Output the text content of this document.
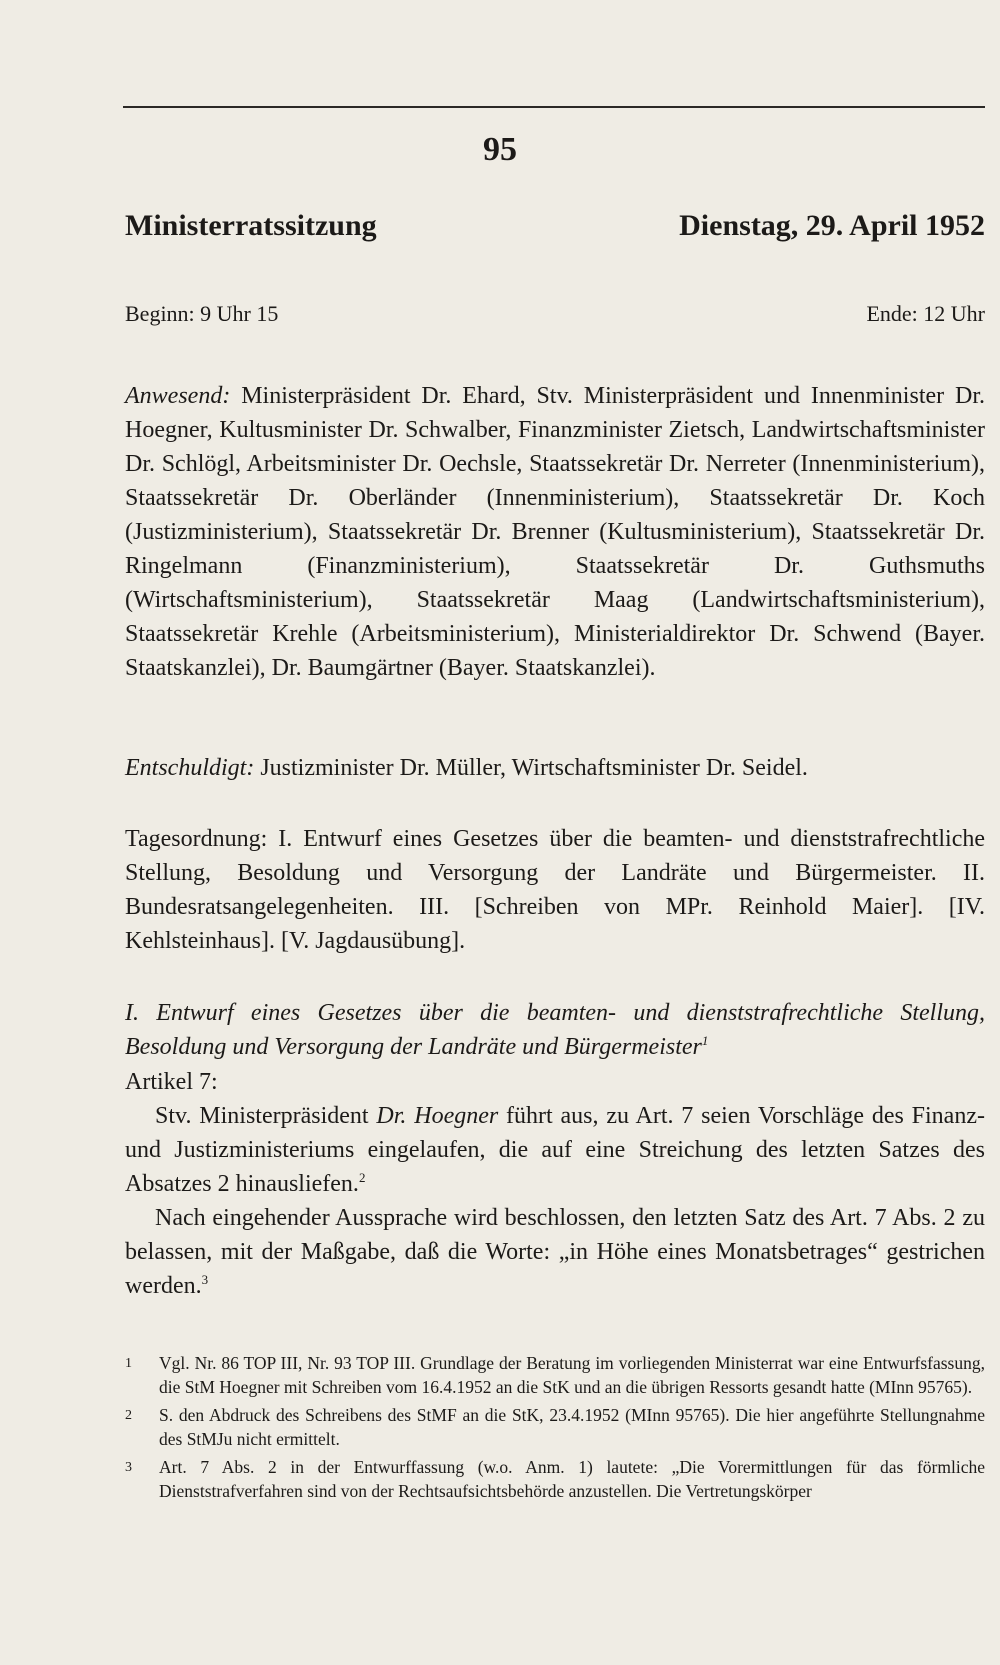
95
Ministerratssitzung	Dienstag, 29. April 1952
Beginn: 9 Uhr 15	Ende: 12 Uhr

Anwesend: Ministerpräsident Dr. Ehard, Stv. Ministerpräsident und Innenminister Dr. Hoegner, Kultusminister Dr. Schwalber, Finanzminister Zietsch, Landwirtschaftsminister Dr. Schlögl, Arbeitsminister Dr. Oechsle, Staatssekretär Dr. Nerreter (Innenministerium), Staatssekretär Dr. Oberländer (Innenministerium), Staatssekretär Dr. Koch (Justizministerium), Staatssekretär Dr. Brenner (Kultusministerium), Staatssekretär Dr. Ringelmann (Finanzministerium), Staatssekretär Dr. Guthsmuths (Wirtschaftsministerium), Staatssekretär Maag (Landwirtschaftsministerium), Staatssekretär Krehle (Arbeitsministerium), Ministerialdirektor Dr. Schwend (Bayer. Staatskanzlei), Dr. Baumgärtner (Bayer. Staatskanzlei).

Entschuldigt: Justizminister Dr. Müller, Wirtschaftsminister Dr. Seidel.

Tagesordnung: I. Entwurf eines Gesetzes über die beamten- und dienststrafrechtliche Stellung, Besoldung und Versorgung der Landräte und Bürgermeister. II. Bundesratsangelegenheiten. III. [Schreiben von MPr. Reinhold Maier]. [IV. Kehlsteinhaus]. [V. Jagdausübung].

I. Entwurf eines Gesetzes über die beamten- und dienststrafrechtliche Stellung, Besoldung und Versorgung der Landräte und Bürgermeister$^1$

Artikel 7:

Stv. Ministerpräsident Dr. Hoegner führt aus, zu Art. 7 seien Vorschläge des Finanz- und Justizministeriums eingelaufen, die auf eine Streichung des letzten Satzes des Absatzes 2 hinausliefen.$^2$

Nach eingehender Aussprache wird beschlossen, den letzten Satz des Art. 7 Abs. 2 zu belassen, mit der Maßgabe, daß die Worte: „in Höhe eines Monatsbetrages“ gestrichen werden.$^3$

1	Vgl. Nr. 86 TOP III, Nr. 93 TOP III. Grundlage der Beratung im vorliegenden Ministerrat war eine Entwurfsfassung, die StM Hoegner mit Schreiben vom 16.4.1952 an die StK und an die übrigen Ressorts gesandt hatte (MInn 95765).
2	S. den Abdruck des Schreibens des StMF an die StK, 23.4.1952 (MInn 95765). Die hier angeführte Stellungnahme des StMJu nicht ermittelt.
3	Art. 7 Abs. 2 in der Entwurffassung (w.o. Anm. 1) lautete: „Die Vorermittlungen für das förmliche Dienststrafverfahren sind von der Rechtsaufsichtsbehörde anzustellen. Die Vertretungskörper
